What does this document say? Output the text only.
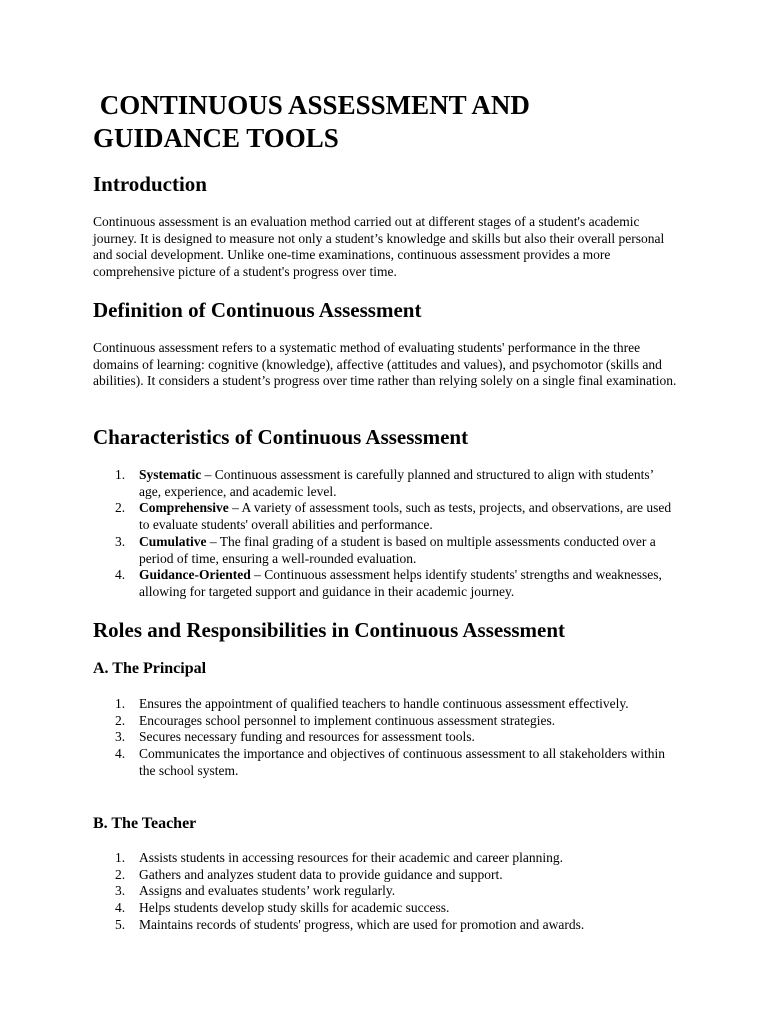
CONTINUOUS ASSESSMENT AND
GUIDANCE TOOLS
Introduction

Continuous assessment is an evaluation method carried out at different stages of a student's academic journey. It is designed to measure not only a student’s knowledge and skills but also their overall personal and social development. Unlike one-time examinations, continuous assessment provides a more comprehensive picture of a student's progress over time.

Definition of Continuous Assessment

Continuous assessment refers to a systematic method of evaluating students' performance in the three domains of learning: cognitive (knowledge), affective (attitudes and values), and psychomotor (skills and abilities). It considers a student’s progress over time rather than relying solely on a single final examination.

Characteristics of Continuous Assessment
1. Systematic – Continuous assessment is carefully planned and structured to align with students’ age, experience, and academic level.
2. Comprehensive – A variety of assessment tools, such as tests, projects, and observations, are used to evaluate students' overall abilities and performance.
3. Cumulative – The final grading of a student is based on multiple assessments conducted over a period of time, ensuring a well-rounded evaluation.
4. Guidance-Oriented – Continuous assessment helps identify students' strengths and weaknesses, allowing for targeted support and guidance in their academic journey.
Roles and Responsibilities in Continuous Assessment
A. The Principal
1. Ensures the appointment of qualified teachers to handle continuous assessment effectively.
2. Encourages school personnel to implement continuous assessment strategies.
3. Secures necessary funding and resources for assessment tools.
4. Communicates the importance and objectives of continuous assessment to all stakeholders within the school system.
B. The Teacher
1. Assists students in accessing resources for their academic and career planning.
2. Gathers and analyzes student data to provide guidance and support.
3. Assigns and evaluates students’ work regularly.
4. Helps students develop study skills for academic success.
5. Maintains records of students' progress, which are used for promotion and awards.
